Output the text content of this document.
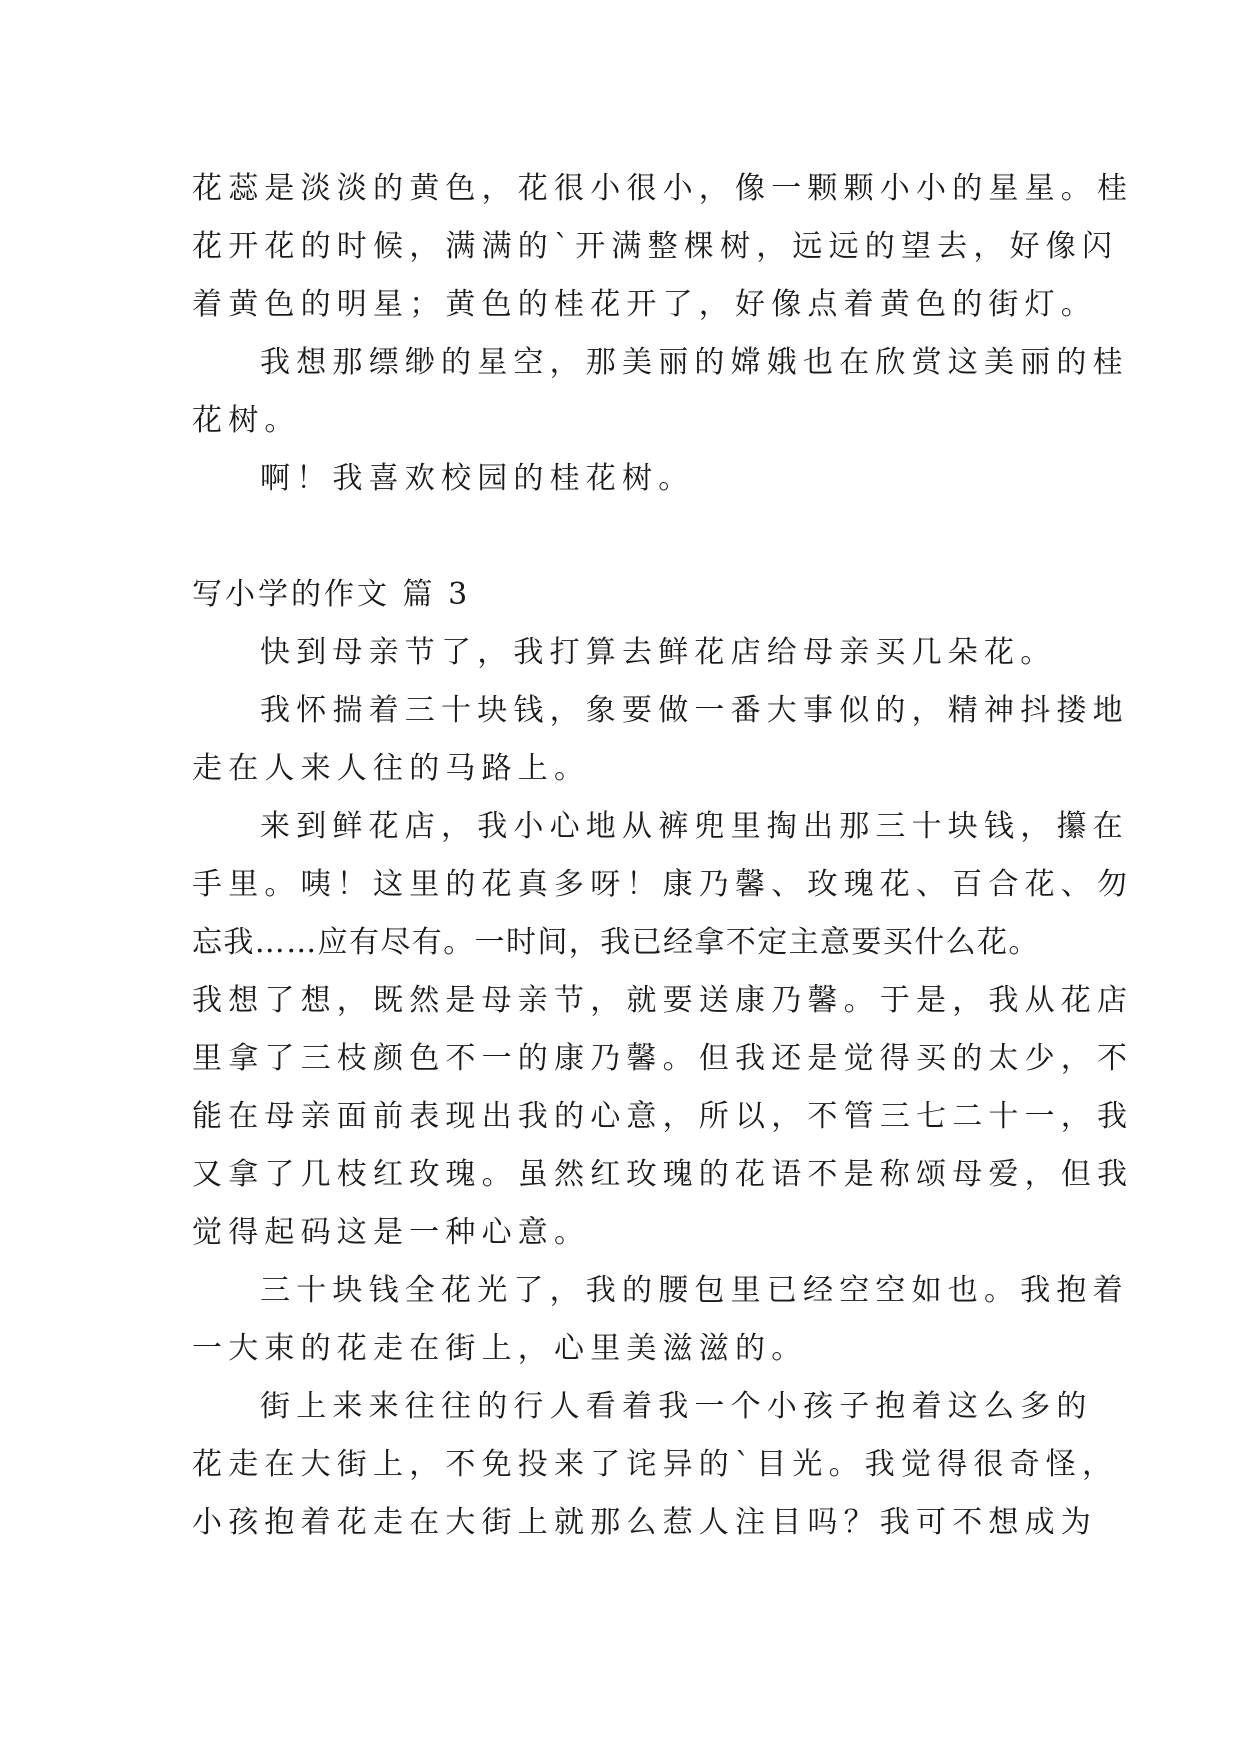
花蕊是淡淡的黄色，花很小很小，像一颗颗小小的星星。桂
花开花的时候，满满的`开满整棵树，远远的望去，好像闪
着黄色的明星；黄色的桂花开了，好像点着黄色的街灯。
我想那缥缈的星空，那美丽的嫦娥也在欣赏这美丽的桂
花树。
啊！我喜欢校园的桂花树。
写小学的作文 篇 3
快到母亲节了，我打算去鲜花店给母亲买几朵花。
我怀揣着三十块钱，象要做一番大事似的，精神抖搂地
走在人来人往的马路上。
来到鲜花店，我小心地从裤兜里掏出那三十块钱，攥在
手里。咦！这里的花真多呀！康乃馨、玫瑰花、百合花、勿
忘我……应有尽有。一时间，我已经拿不定主意要买什么花。
我想了想，既然是母亲节，就要送康乃馨。于是，我从花店
里拿了三枝颜色不一的康乃馨。但我还是觉得买的太少，不
能在母亲面前表现出我的心意，所以，不管三七二十一，我
又拿了几枝红玫瑰。虽然红玫瑰的花语不是称颂母爱，但我
觉得起码这是一种心意。
三十块钱全花光了，我的腰包里已经空空如也。我抱着
一大束的花走在街上，心里美滋滋的。
街上来来往往的行人看着我一个小孩子抱着这么多的
花走在大街上，不免投来了诧异的`目光。我觉得很奇怪，
小孩抱着花走在大街上就那么惹人注目吗？我可不想成为
